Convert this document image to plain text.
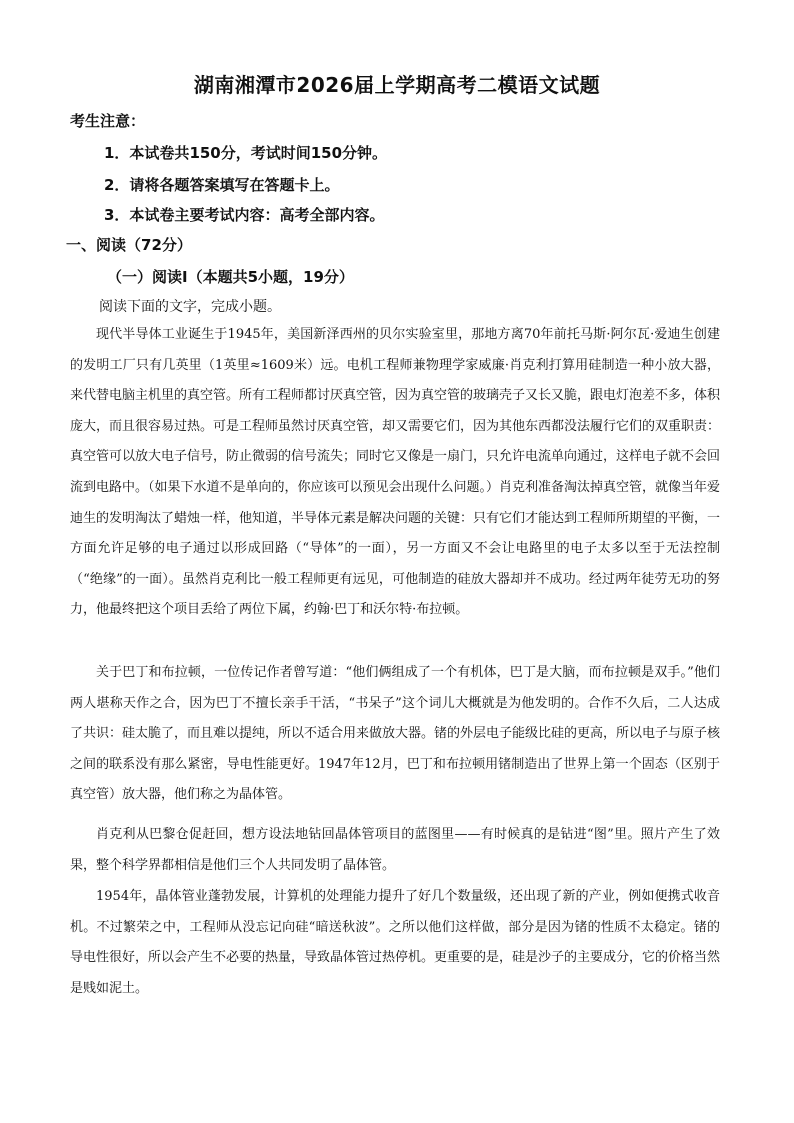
湖南湘潭市2026届上学期高考二模语文试题
考生注意：
1．本试卷共150分，考试时间150分钟。
2．请将各题答案填写在答题卡上。
3．本试卷主要考试内容：高考全部内容。
一、阅读（72分）
（一）阅读Ⅰ（本题共5小题，19分）
阅读下面的文字，完成小题。

现代半导体工业诞生于1945年，美国新泽西州的贝尔实验室里，那地方离70年前托马斯·阿尔瓦·爱迪生创建的发明工厂只有几英里（1英里≈1609米）远。电机工程师兼物理学家威廉·肖克利打算用硅制造一种小放大器，来代替电脑主机里的真空管。所有工程师都讨厌真空管，因为真空管的玻璃壳子又长又脆，跟电灯泡差不多，体积庞大，而且很容易过热。可是工程师虽然讨厌真空管，却又需要它们，因为其他东西都没法履行它们的双重职责：真空管可以放大电子信号，防止微弱的信号流失；同时它又像是一扇门，只允许电流单向通过，这样电子就不会回流到电路中。（如果下水道不是单向的，你应该可以预见会出现什么问题。）肖克利准备淘汰掉真空管，就像当年爱迪生的发明淘汰了蜡烛一样，他知道，半导体元素是解决问题的关键：只有它们才能达到工程师所期望的平衡，一方面允许足够的电子通过以形成回路（“导体”的一面），另一方面又不会让电路里的电子太多以至于无法控制（“绝缘”的一面）。虽然肖克利比一般工程师更有远见，可他制造的硅放大器却并不成功。经过两年徒劳无功的努力，他最终把这个项目丢给了两位下属，约翰·巴丁和沃尔特·布拉顿。

关于巴丁和布拉顿，一位传记作者曾写道：“他们俩组成了一个有机体，巴丁是大脑，而布拉顿是双手。”他们两人堪称天作之合，因为巴丁不擅长亲手干活，“书呆子”这个词儿大概就是为他发明的。合作不久后，二人达成了共识：硅太脆了，而且难以提纯，所以不适合用来做放大器。锗的外层电子能级比硅的更高，所以电子与原子核之间的联系没有那么紧密，导电性能更好。1947年12月，巴丁和布拉顿用锗制造出了世界上第一个固态（区别于真空管）放大器，他们称之为晶体管。

肖克利从巴黎仓促赶回，想方设法地钻回晶体管项目的蓝图里——有时候真的是钻进“图”里。照片产生了效果，整个科学界都相信是他们三个人共同发明了晶体管。

1954年，晶体管业蓬勃发展，计算机的处理能力提升了好几个数量级，还出现了新的产业，例如便携式收音机。不过繁荣之中，工程师从没忘记向硅“暗送秋波”。之所以他们这样做，部分是因为锗的性质不太稳定。锗的导电性很好，所以会产生不必要的热量，导致晶体管过热停机。更重要的是，硅是沙子的主要成分，它的价格当然是贱如泥土。
